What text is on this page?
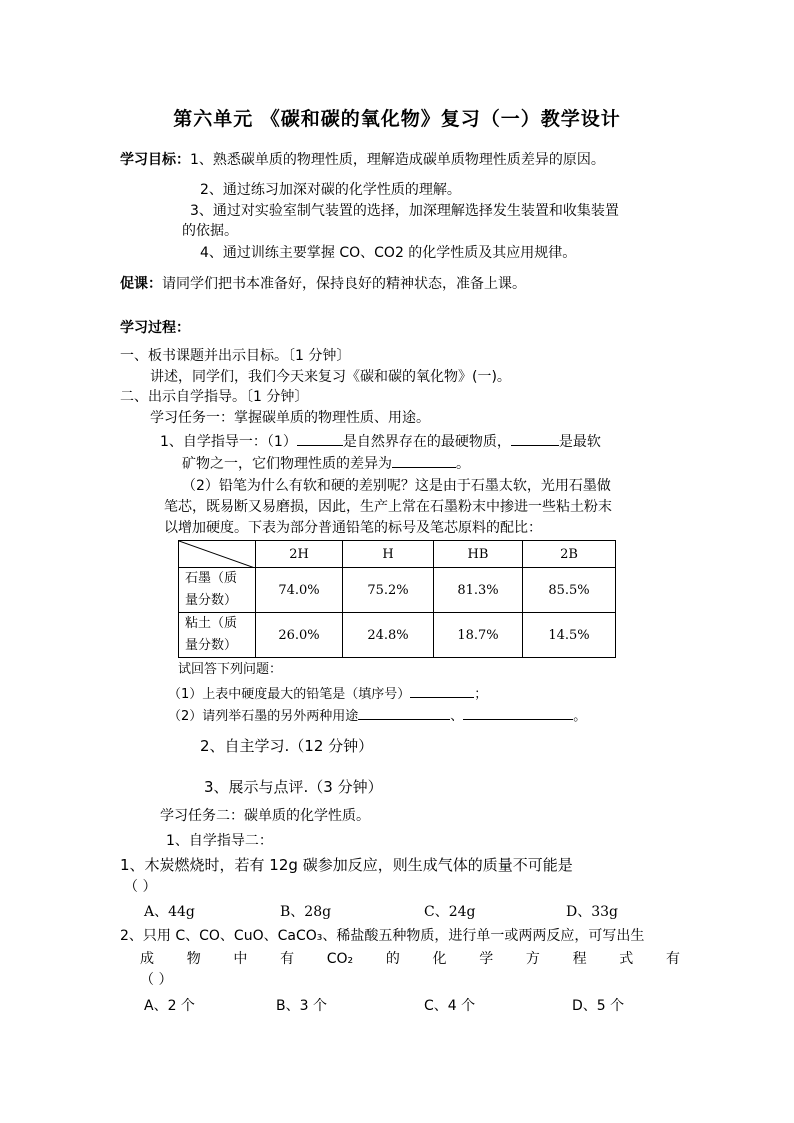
第六单元 《碳和碳的氧化物》复习（一）教学设计
学习目标：1、熟悉碳单质的物理性质，理解造成碳单质物理性质差异的原因。
2、通过练习加深对碳的化学性质的理解。
3、通过对实验室制气装置的选择，加深理解选择发生装置和收集装置
的依据。
4、通过训练主要掌握 CO、CO2 的化学性质及其应用规律。
促课：请同学们把书本准备好，保持良好的精神状态，准备上课。
学习过程：
一、板书课题并出示目标。〔1 分钟〕
讲述，同学们，我们今天来复习《碳和碳的氧化物》(一)。
二、出示自学指导。〔1 分钟〕
学习任务一：掌握碳单质的物理性质、用途。
1、自学指导一：（1）	是自然界存在的最硬物质，	是最软
矿物之一，它们物理性质的差异为	。
（2）铅笔为什么有软和硬的差别呢？这是由于石墨太软，光用石墨做
笔芯，既易断又易磨损，因此，生产上常在石墨粉末中掺进一些粘土粉末
以增加硬度。下表为部分普通铅笔的标号及笔芯原料的配比：
	2H	H	HB	2B

石墨（质
量分数）	74.0%	75.2%	81.3%	85.5%

粘土（质
量分数）	26.0%	24.8%	18.7%	14.5%
试回答下列问题：
（1）上表中硬度最大的铅笔是（填序号）	；
（2）请列举石墨的另外两种用途	、	。
2、自主学习.（12 分钟）
3、展示与点评.（3 分钟）
学习任务二：碳单质的化学性质。
1、自学指导二：
1、木炭燃烧时，若有 12g 碳参加反应，则生成气体的质量不可能是
（ ）
A、44g	B、28g	C、24g	D、33g
2、只用 C、CO、CuO、CaCO₃、稀盐酸五种物质，进行单一或两两反应，可写出生
成 物 中 有 CO₂ 的 化 学 方 程 式 有
（ ）
A、2 个	B、3 个	C、4 个	D、5 个
